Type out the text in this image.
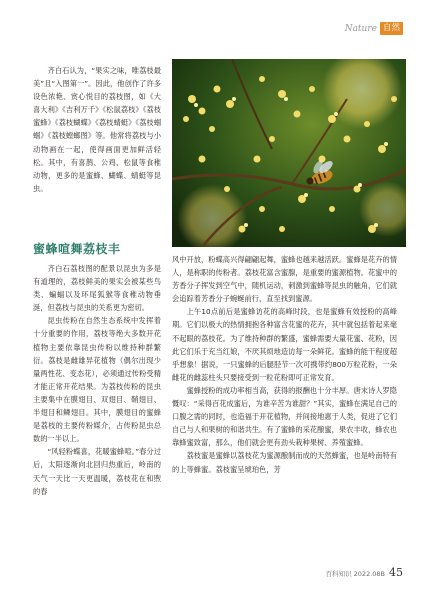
Nature 自然

齐白石认为，“果实之味，唯荔枝最美”且“入图第一”。因此，他创作了许多设色浓艳、赏心悦目的荔枝图，如《大喜大利》《吉利万千》《松鼠荔枝》《荔枝蜜蜂》《荔枝蝴蝶》《荔枝蜻蜓》《荔枝蝈蝈》《荔枝螳螂图》等。他常将荔枝与小动物画在一起，使得画面更加鲜活轻松。其中，有喜鹊、公鸡、松鼠等食稚动物，更多的是蜜蜂、蝴蝶、蜻蜓等昆虫。

蜜蜂喧舞荔枝丰

齐白石荔枝图的配景以昆虫为多是有道理的，荔枝鲜美的果实会被某些鸟类、蝙蝠以及环尾狐猴等食稚动物垂涎，但荔枝与昆虫的关系更为密切。

昆虫传粉在自然生态系统中发挥着十分重要的作用，荔枝等绝大多数开花植物主要依靠昆虫传粉以维持种群繁衍。荔枝是雌雄异花植物（偶尔出现少量两性花、变态花），必须通过传粉受精才能正常开花结果。为荔枝传粉的昆虫主要集中在膜翅目、双翅目、鞘翅目、半翅目和鳞翅目。其中，膜翅目的蜜蜂是荔枝的主要传粉媒介，占传粉昆虫总数的一半以上。

“风轻粉蝶喜，花暖蜜蜂喧。”春分过后，太阳逐渐向北回归热重后，岭南的天气一天比一天更温暖，荔枝花在和煦的春

风中开放，粉蝶高兴得翩翩起舞，蜜蜂也越来越活跃。蜜蜂是花卉的情人，是称职的传粉者。荔枝花富含蜜腺，是重要的蜜源植物。花蜜中的芳香分子挥发到空气中，随机运动，刺激到蜜蜂等昆虫的触角，它们就会追踪着芳香分子蜿蜒前行，直至找到蜜源。

上午10点前后是蜜蜂访花的高峰时段，也是蜜蜂有效授粉的高峰期。它们以极大的热情拥抱各种富含花蜜的花卉，其中就包括着起来毫不起眼的荔枝花。为了维持种群的繁盛，蜜蜂需要大量花蜜、花粉，因此它们乐于充当红娘，不厌其烦地造访每一朵鲜花。蜜蜂的能干程度超乎想象！据说，一只蜜蜂的后腿胫节一次可携带约800万粒花粉，一朵雌花的雌蕊柱头只要接受到一粒花粉即可正常发育。

蜜蜂授粉的成功率相当高，获得的报酬也十分丰厚。唐末诗人罗隐慨叹：“采得百花成蜜后，为谁辛苦为谁甜？”其实，蜜蜂在满足自己的口腹之需的同时，也造福于开花植物，并间接地惠于人类，促进了它们自己与人和果树的和谐共生。有了蜜蜂的采花酿蜜，果农丰收，蜂农也靠蜂蜜致富，那么，他们就会更有劲头栽种果树、养殖蜜蜂。

荔枝蜜是蜜蜂以荔枝花为蜜源酿制而成的天然蜂蜜，也是岭南特有的上等蜂蜜。荔枝蜜呈琥珀色，芳

百科知识 2022.08B 45
